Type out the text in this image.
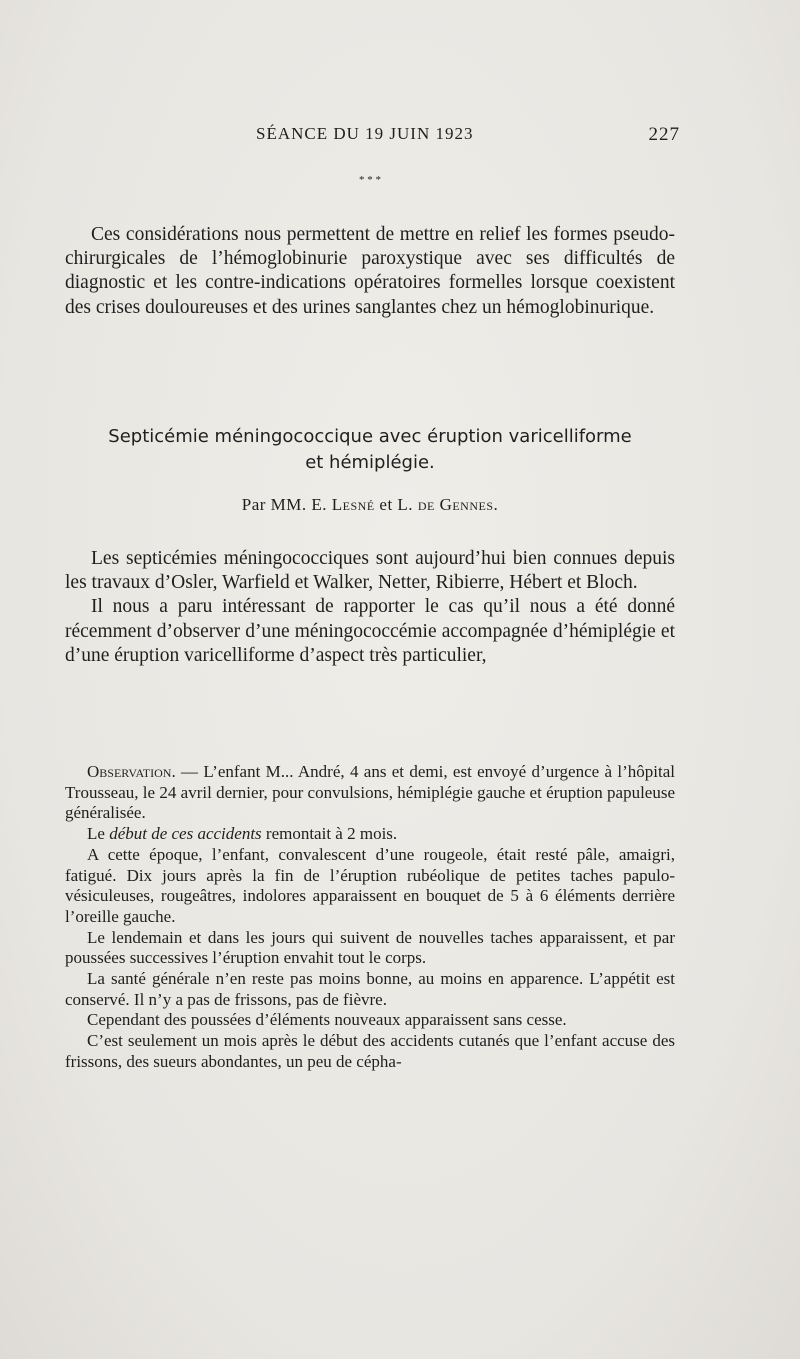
SÉANCE DU 19 JUIN 1923	227
* * *

Ces considérations nous permettent de mettre en relief les formes pseudo-chirurgicales de l’hémoglobinurie paroxystique avec ses difficultés de diagnostic et les contre-indications opératoires formelles lorsque coexistent des crises douloureuses et des urines sanglantes chez un hémoglobinurique.

Septicémie méningococcique avec éruption varicelliforme
et hémiplégie.
Par MM. E. Lesné et L. de Gennes.

Les septicémies méningococciques sont aujourd’hui bien connues depuis les travaux d’Osler, Warfield et Walker, Netter, Ribierre, Hébert et Bloch.

Il nous a paru intéressant de rapporter le cas qu’il nous a été donné récemment d’observer d’une méningococcémie accompagnée d’hémiplégie et d’une éruption varicelliforme d’aspect très particulier,

Observation. — L’enfant M... André, 4 ans et demi, est envoyé d’urgence à l’hôpital Trousseau, le 24 avril dernier, pour convulsions, hémiplégie gauche et éruption papuleuse généralisée.

Le début de ces accidents remontait à 2 mois.

A cette époque, l’enfant, convalescent d’une rougeole, était resté pâle, amaigri, fatigué. Dix jours après la fin de l’éruption rubéolique de petites taches papulo-vésiculeuses, rougeâtres, indolores apparaissent en bouquet de 5 à 6 éléments derrière l’oreille gauche.

Le lendemain et dans les jours qui suivent de nouvelles taches apparaissent, et par poussées successives l’éruption envahit tout le corps.

La santé générale n’en reste pas moins bonne, au moins en apparence. L’appétit est conservé. Il n’y a pas de frissons, pas de fièvre.

Cependant des poussées d’éléments nouveaux apparaissent sans cesse.

C’est seulement un mois après le début des accidents cutanés que l’enfant accuse des frissons, des sueurs abondantes, un peu de cépha-
